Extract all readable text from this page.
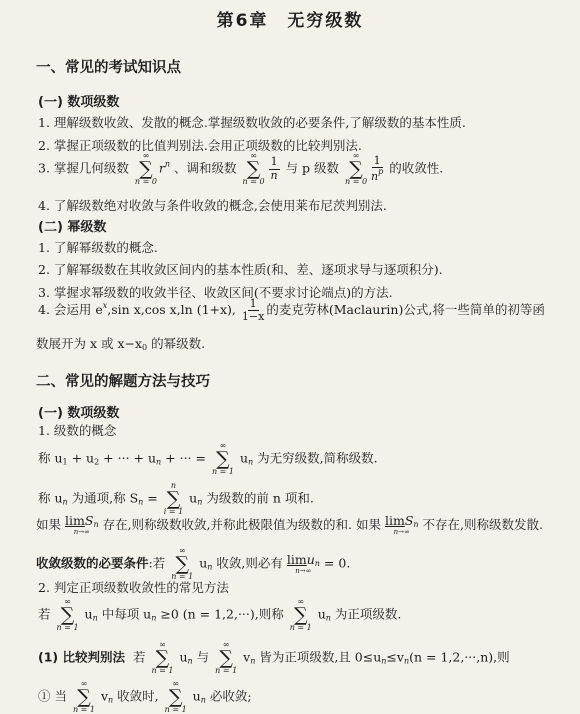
第6章　无穷级数
一、常见的考试知识点
(一) 数项级数
1. 理解级数收敛、发散的概念.掌握级数收敛的必要条件,了解级数的基本性质.
2. 掌握正项级数的比值判别法.会用正项级数的比较判别法.
3. 掌握几何级数
∞
∑
n = 0
$r^n$ 、调和级数
∞
∑
$n = 0 \frac{1}{n}$ 与 p 级数
∞
∑
$n = 0 \frac{1}{n^p}$ 的收敛性.
4. 了解级数绝对收敛与条件收敛的概念,会使用莱布尼茨判别法.
(二) 幂级数
1. 了解幂级数的概念.
2. 了解幂级数在其收敛区间内的基本性质(和、差、逐项求导与逐项积分).
3. 掌握求幂级数的收敛半径、收敛区间(不要求讨论端点)的方法.
4. 会运用 $e^x,\sin$ x,cos x,ln (1+x), $\frac{1}{1-x}$ 的麦克劳林(Maclaurin)公式,将一些简单的初等函
数展开为 x 或 $x-x_0$ 的幂级数.
二、常见的解题方法与技巧
(一) 数项级数
1. 级数的概念
称 $u_1 + u_2$ + ··· + $u_n$ + ··· =
∞
∑
n = 1
$u_n$ 为无穷级数,简称级数.
称 $u_n$ 为通项,称 $S_n$ =
n
∑
i = 1
$u_n$ 为级数的前 n 项和.
如果 limS$_n$
n→∞ 存在,则称级数收敛,并称此极限值为级数的和. 如果 limS$_n$
n→∞ 不存在,则称级数发散.
收敛级数的必要条件:若
∞
∑
n = 1
$u_n$ 收敛,则必有 limu$_n$
n→∞ = 0.
2. 判定正项级数收敛性的常见方法
若
∞
∑
n = 1
$u_n$ 中每项 $u_n \ge 0$ (n = 1,2,···),则称
∞
∑
n = 1
$u_n$ 为正项级数.
(1) 比较判别法 若
∞
∑
n = 1
$u_n$ 与
∞
∑
n = 1
$v_n$ 皆为正项级数,且 $0\le u_n\le v_n(n = 1,2,\cdot\cdot\cdot,n)$,则
① 当
∞
∑
n = 1
$v_n$ 收敛时,
∞
∑
n = 1
$u_n$ 必收敛;
